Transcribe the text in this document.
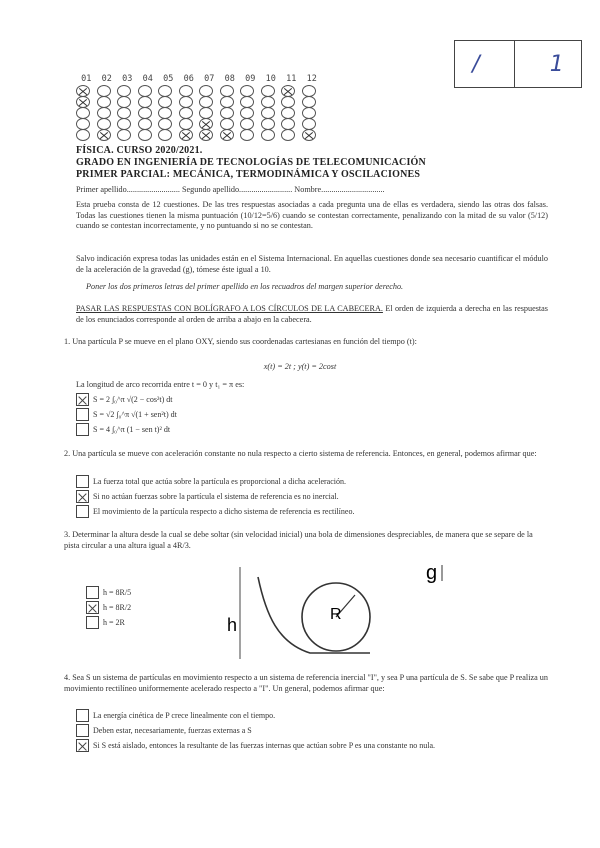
/	1
01 02 03 04 05 06 07 08 09 10 11 12
FÍSICA. CURSO 2020/2021.
GRADO EN INGENIERÍA DE TECNOLOGÍAS DE TELECOMUNICACIÓN
PRIMER PARCIAL: MECÁNICA, TERMODINÁMICA Y OSCILACIONES
Primer apellido.......................... Segundo apellido.......................... Nombre...............................
Esta prueba consta de 12 cuestiones. De las tres respuestas asociadas a cada pregunta una de ellas es verdadera, siendo las otras dos falsas. Todas las cuestiones tienen la misma puntuación (10/12=5/6) cuando se contestan correctamente, penalizando con la mitad de su valor (5/12) cuando se contestan incorrectamente, y no puntuando si no se contestan.
Salvo indicación expresa todas las unidades están en el Sistema Internacional. En aquellas cuestiones donde sea necesario cuantificar el módulo de la aceleración de la gravedad (g), tómese éste igual a 10.
Poner los dos primeros letras del primer apellido en los recuadros del margen superior derecho.
PASAR LAS RESPUESTAS CON BOLÍGRAFO A LOS CÍRCULOS DE LA CABECERA. El orden de izquierda a derecha en las respuestas de los enunciados corresponde al orden de arriba a abajo en la cabecera.
1. Una partícula P se mueve en el plano OXY, siendo sus coordenadas cartesianas en función del tiempo (t):
x(t) = 2t ; y(t) = 2cost
La longitud de arco recorrida entre t = 0 y t₁ = π es:
S = 2 ∫₀^π √(2 − cos²t) dt
S = √2 ∫₀^π √(1 + sen²t) dt
S = 4 ∫₀^π (1 − sen t)² dt
2. Una partícula se mueve con aceleración constante no nula respecto a cierto sistema de referencia. Entonces, en general, podemos afirmar que:
La fuerza total que actúa sobre la partícula es proporcional a dicha aceleración.
Si no actúan fuerzas sobre la partícula el sistema de referencia es no inercial.
El movimiento de la partícula respecto a dicho sistema de referencia es rectilíneo.
3. Determinar la altura desde la cual se debe soltar (sin velocidad inicial) una bola de dimensiones despreciables, de manera que se separe de la pista circular a una altura igual a 4R/3.
h = 8R/5
h = 8R/2
h = 2R	h
R
g
4. Sea S un sistema de partículas en movimiento respecto a un sistema de referencia inercial "I", y sea P una partícula de S. Se sabe que P realiza un movimiento rectilíneo uniformemente acelerado respecto a "I". Un general, podemos afirmar que:
La energía cinética de P crece linealmente con el tiempo.
Deben estar, necesariamente, fuerzas externas a S
Si S está aislado, entonces la resultante de las fuerzas internas que actúan sobre P es una constante no nula.
